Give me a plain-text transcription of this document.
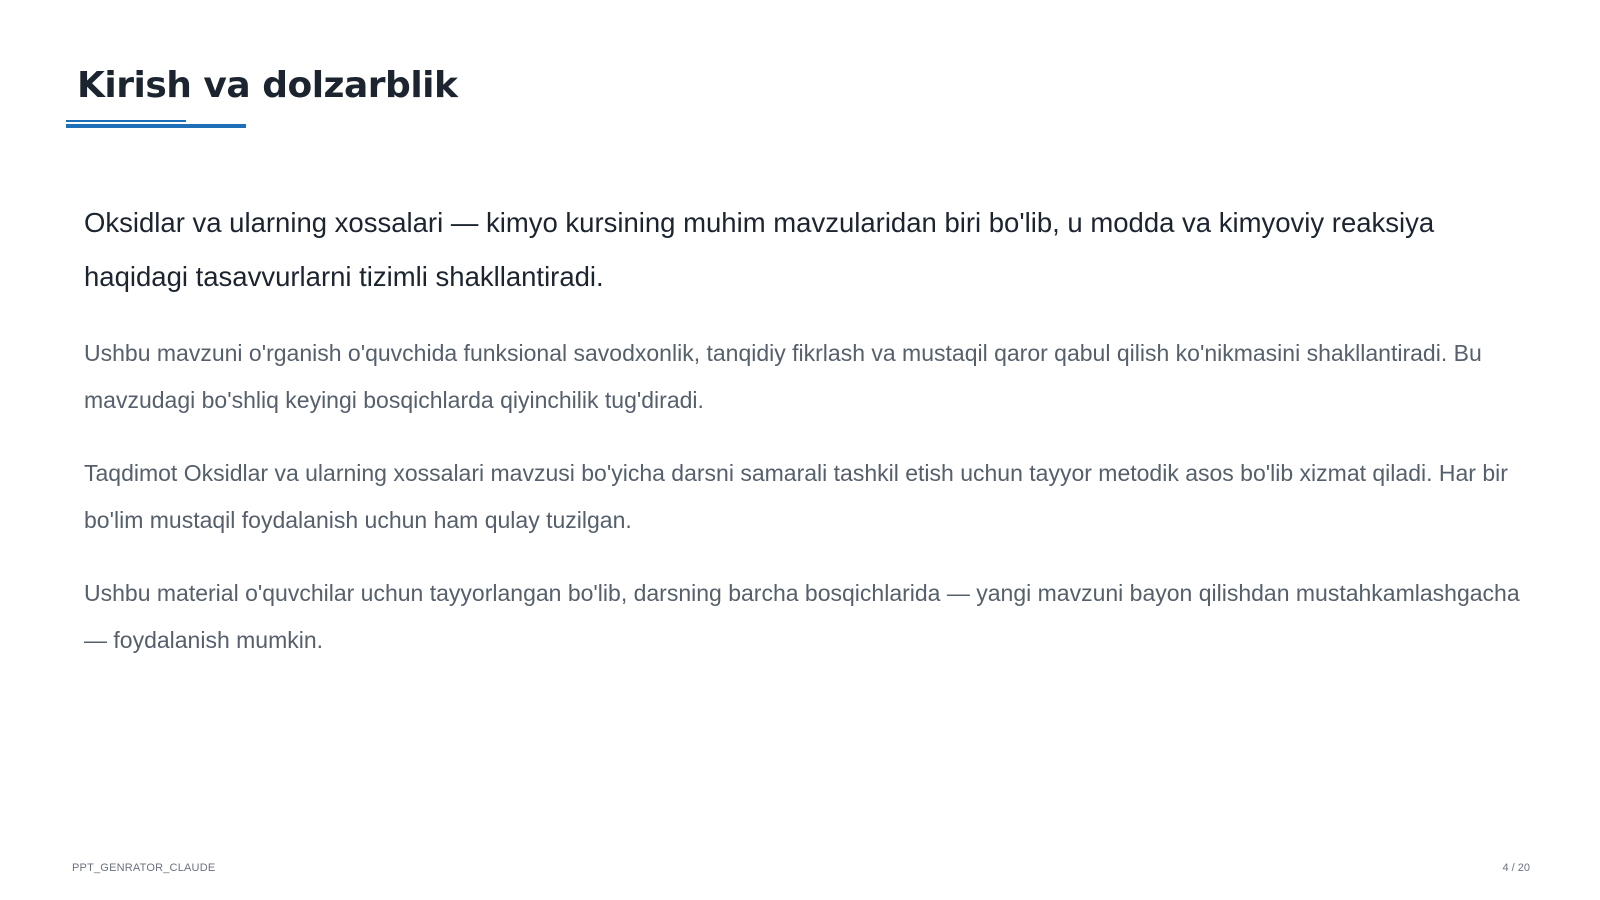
Kirish va dolzarblik

Oksidlar va ularning xossalari — kimyo kursining muhim mavzularidan biri bo'lib, u modda va kimyoviy reaksiya haqidagi tasavvurlarni tizimli shakllantiradi.

Ushbu mavzuni o'rganish o'quvchida funksional savodxonlik, tanqidiy fikrlash va mustaqil qaror qabul qilish ko'nikmasini shakllantiradi. Bu mavzudagi bo'shliq keyingi bosqichlarda qiyinchilik tug'diradi.

Taqdimot Oksidlar va ularning xossalari mavzusi bo'yicha darsni samarali tashkil etish uchun tayyor metodik asos bo'lib xizmat qiladi. Har bir bo'lim mustaqil foydalanish uchun ham qulay tuzilgan.

Ushbu material o'quvchilar uchun tayyorlangan bo'lib, darsning barcha bosqichlarida — yangi mavzuni bayon qilishdan mustahkamlashgacha — foydalanish mumkin.

PPT_GENRATOR_CLAUDE	4 / 20
